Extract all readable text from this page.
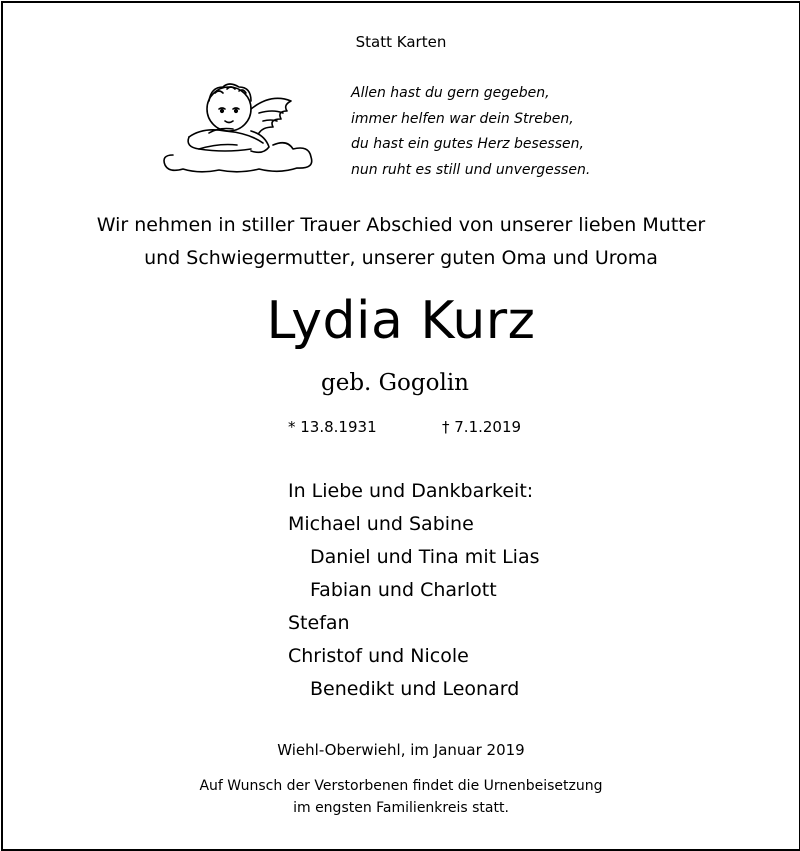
Statt Karten
Allen hast du gern gegeben,
immer helfen war dein Streben,
du hast ein gutes Herz besessen,
nun ruht es still und unvergessen.
Wir nehmen in stiller Trauer Abschied von unserer lieben Mutter
und Schwiegermutter, unserer guten Oma und Uroma
Lydia Kurz
geb. Gogolin
* 13.8.1931	† 7.1.2019
In Liebe und Dankbarkeit:
Michael und Sabine
Daniel und Tina mit Lias
Fabian und Charlott
Stefan
Christof und Nicole
Benedikt und Leonard
Wiehl-Oberwiehl, im Januar 2019
Auf Wunsch der Verstorbenen findet die Urnenbeisetzung
im engsten Familienkreis statt.
